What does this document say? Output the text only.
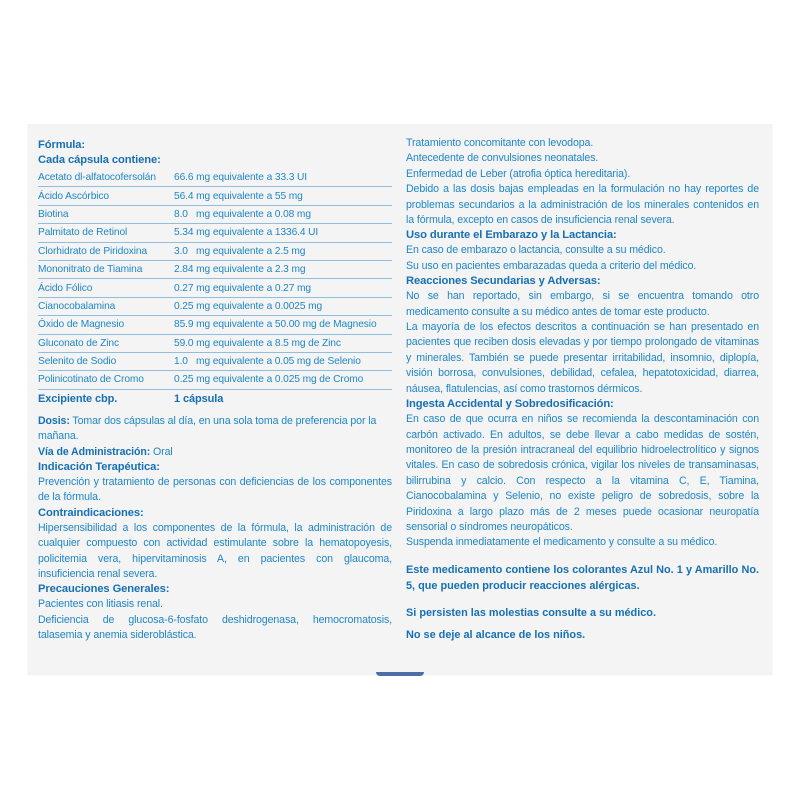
Fórmula:
Cada cápsula contiene:
Acetato dl-alfatocofersolán	66.6 mg equivalente a 33.3 UI
Ácido Ascórbico	56.4 mg equivalente a 55 mg
Biotina	8.0   mg equivalente a 0.08 mg
Palmitato de Retinol	5.34 mg equivalente a 1336.4 UI
Clorhidrato de Piridoxina	3.0   mg equivalente a 2.5 mg
Mononitrato de Tiamina	2.84 mg equivalente a 2.3 mg
Ácido Fólico	0.27 mg equivalente a 0.27 mg
Cianocobalamina	0.25 mg equivalente a 0.0025 mg
Óxido de Magnesio	85.9 mg equivalente a 50.00 mg de Magnesio
Gluconato de Zinc	59.0 mg equivalente a 8.5 mg de Zinc
Selenito de Sodio	1.0   mg equivalente a 0.05 mg de Selenio
Polinicotinato de Cromo	0.25 mg equivalente a 0.025 mg de Cromo
Excipiente cbp.	1 cápsula
Dosis: Tomar dos cápsulas al día, en una sola toma de preferencia por la mañana.
Vía de Administración: Oral
Indicación Terapéutica:
Prevención y tratamiento de personas con deficiencias de los componentes de la fórmula.
Contraindicaciones:
Hipersensibilidad a los componentes de la fórmula, la administración de cualquier compuesto con actividad estimulante sobre la hematopoyesis, policitemia vera, hipervitaminosis A, en pacientes con glaucoma, insuficiencia renal severa.
Precauciones Generales:
Pacientes con litiasis renal.
Deficiencia de glucosa-6-fosfato deshidrogenasa, hemocromatosis, talasemia y anemia sideroblástica.
Tratamiento concomitante con levodopa.
Antecedente de convulsiones neonatales.
Enfermedad de Leber (atrofia óptica hereditaria).
Debido a las dosis bajas empleadas en la formulación no hay reportes de problemas secundarios a la administración de los minerales contenidos en la fórmula, excepto en casos de insuficiencia renal severa.
Uso durante el Embarazo y la Lactancia:
En caso de embarazo o lactancia, consulte a su médico.
Su uso en pacientes embarazadas queda a criterio del médico.
Reacciones Secundarias y Adversas:
No se han reportado, sin embargo, si se encuentra tomando otro medicamento consulte a su médico antes de tomar este producto.
La mayoría de los efectos descritos a continuación se han presentado en pacientes que reciben dosis elevadas y por tiempo prolongado de vitaminas y minerales. También se puede presentar irritabilidad, insomnio, diplopía, visión borrosa, convulsiones, debilidad, cefalea, hepatotoxicidad, diarrea, náusea, flatulencias, así como trastornos dérmicos.
Ingesta Accidental y Sobredosificación:
En caso de que ocurra en niños se recomienda la descontaminación con carbón activado. En adultos, se debe llevar a cabo medidas de sostén, monitoreo de la presión intracraneal del equilibrio hidroelectrolítico y signos vitales. En caso de sobredosis crónica, vigilar los niveles de transaminasas, bilirrubina y calcio. Con respecto a la vitamina C, E, Tiamina, Cianocobalamina y Selenio, no existe peligro de sobredosis, sobre la Piridoxina a largo plazo más de 2 meses puede ocasionar neuropatía sensorial o síndromes neuropáticos.
Suspenda inmediatamente el medicamento y consulte a su médico.
Este medicamento contiene los colorantes Azul No. 1 y Amarillo No. 5, que pueden producir reacciones alérgicas.
Si persisten las molestias consulte a su médico.
No se deje al alcance de los niños.
